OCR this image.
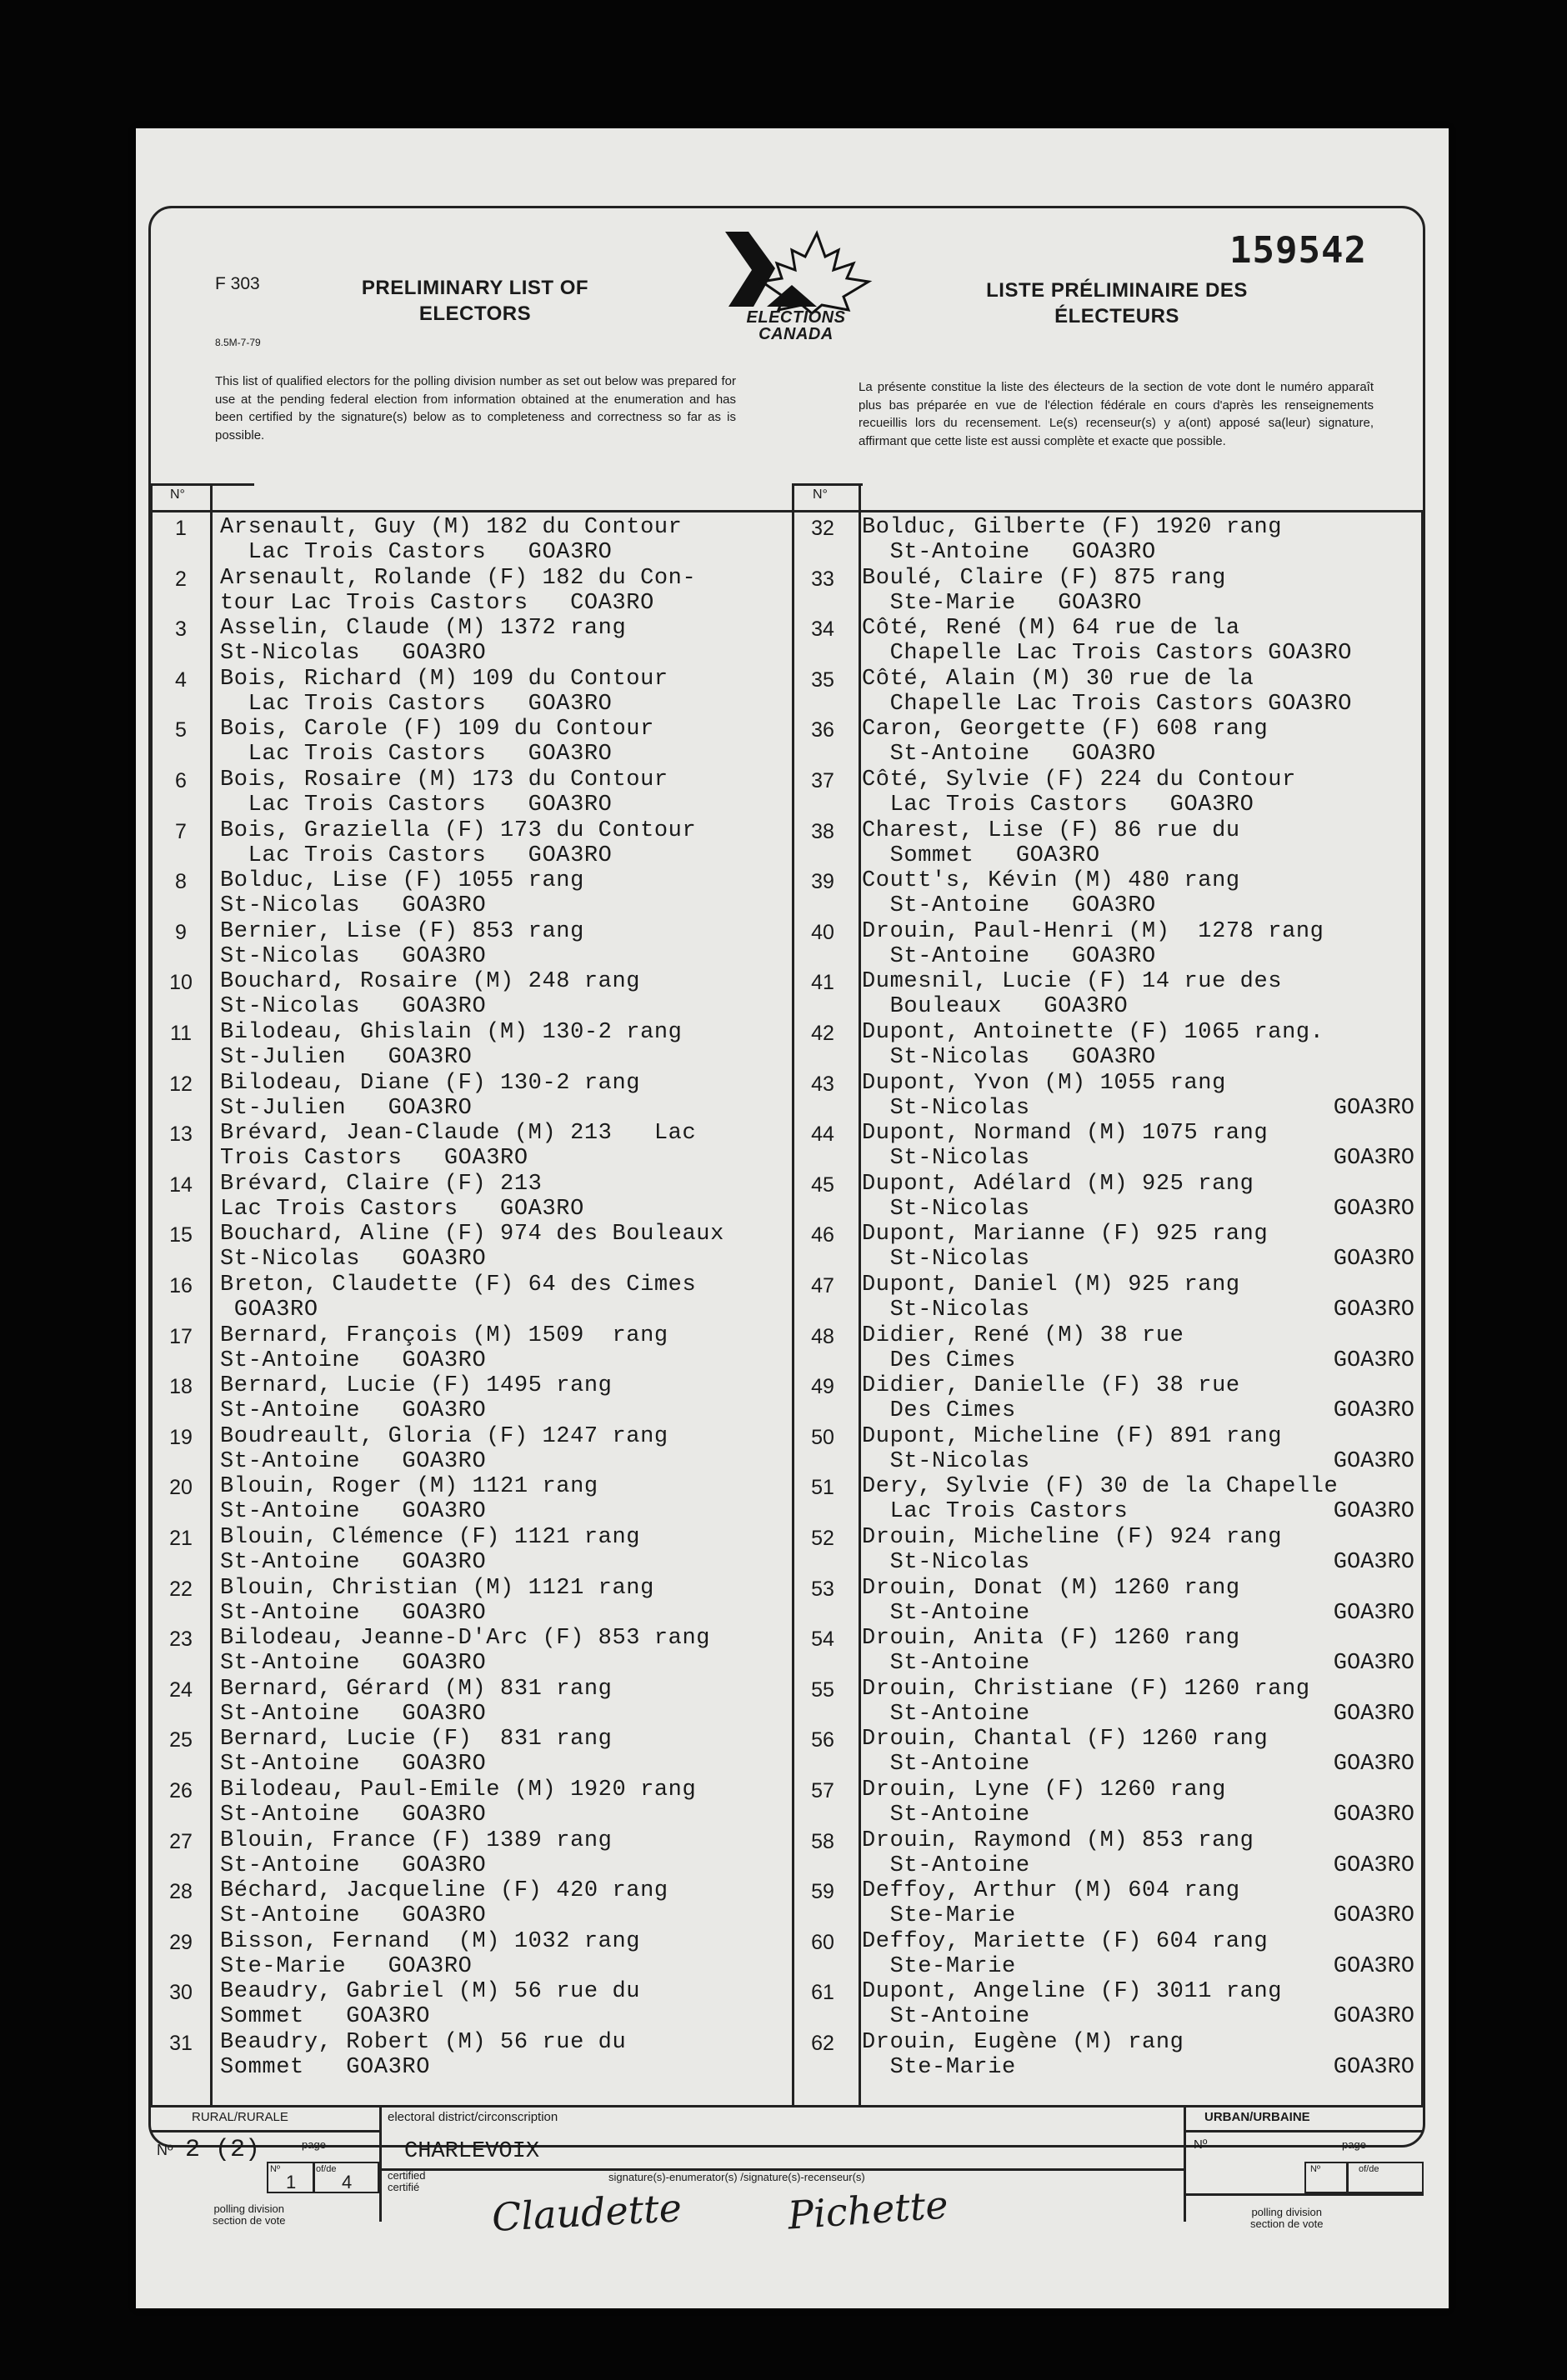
F 303
8.5M-7-79
PRELIMINARY LIST OF
ELECTORS
LISTE PRÉLIMINAIRE DES
ÉLECTEURS
159542
ELECTIONS
CANADA
This list of qualified electors for the polling division number as set out below was prepared for use at the pending federal election from information obtained at the enumeration and has been certified by the signature(s) below as to completeness and correctness so far as is possible.
La présente constitue la liste des électeurs de la section de vote dont le numéro apparaît plus bas préparée en vue de l'élection fédérale en cours d'après les renseignements recueillis lors du recensement. Le(s) recenseur(s) y a(ont) apposé sa(leur) signature, affirmant que cette liste est aussi complète et exacte que possible.
N°	N°
1	Arsenault, Guy (M) 182 du Contour
Lac Trois Castors   GOA3RO
2	Arsenault, Rolande (F) 182 du Con-
tour Lac Trois Castors   COA3RO
3	Asselin, Claude (M) 1372 rang
St-Nicolas   GOA3RO
4	Bois, Richard (M) 109 du Contour
Lac Trois Castors   GOA3RO
5	Bois, Carole (F) 109 du Contour
Lac Trois Castors   GOA3RO
6	Bois, Rosaire (M) 173 du Contour
Lac Trois Castors   GOA3RO
7	Bois, Graziella (F) 173 du Contour
Lac Trois Castors   GOA3RO
8	Bolduc, Lise (F) 1055 rang
St-Nicolas   GOA3RO
9	Bernier, Lise (F) 853 rang
St-Nicolas   GOA3RO
10	Bouchard, Rosaire (M) 248 rang
St-Nicolas   GOA3RO
11	Bilodeau, Ghislain (M) 130-2 rang
St-Julien   GOA3RO
12	Bilodeau, Diane (F) 130-2 rang
St-Julien   GOA3RO
13	Brévard, Jean-Claude (M) 213   Lac
Trois Castors   GOA3RO
14	Brévard, Claire (F) 213
Lac Trois Castors   GOA3RO
15	Bouchard, Aline (F) 974 des Bouleaux
St-Nicolas   GOA3RO
16	Breton, Claudette (F) 64 des Cimes
GOA3RO
17	Bernard, François (M) 1509  rang
St-Antoine   GOA3RO
18	Bernard, Lucie (F) 1495 rang
St-Antoine   GOA3RO
19	Boudreault, Gloria (F) 1247 rang
St-Antoine   GOA3RO
20	Blouin, Roger (M) 1121 rang
St-Antoine   GOA3RO
21	Blouin, Clémence (F) 1121 rang
St-Antoine   GOA3RO
22	Blouin, Christian (M) 1121 rang
St-Antoine   GOA3RO
23	Bilodeau, Jeanne-D'Arc (F) 853 rang
St-Antoine   GOA3RO
24	Bernard, Gérard (M) 831 rang
St-Antoine   GOA3RO
25	Bernard, Lucie (F)  831 rang
St-Antoine   GOA3RO
26	Bilodeau, Paul-Emile (M) 1920 rang
St-Antoine   GOA3RO
27	Blouin, France (F) 1389 rang
St-Antoine   GOA3RO
28	Béchard, Jacqueline (F) 420 rang
St-Antoine   GOA3RO
29	Bisson, Fernand  (M) 1032 rang
Ste-Marie   GOA3RO
30	Beaudry, Gabriel (M) 56 rue du
Sommet   GOA3RO
31	Beaudry, Robert (M) 56 rue du
Sommet   GOA3RO
32	Bolduc, Gilberte (F) 1920 rang
St-Antoine   GOA3RO
33	Boulé, Claire (F) 875 rang
Ste-Marie   GOA3RO
34	Côté, René (M) 64 rue de la
Chapelle Lac Trois Castors GOA3RO
35	Côté, Alain (M) 30 rue de la
Chapelle Lac Trois Castors GOA3RO
36	Caron, Georgette (F) 608 rang
St-Antoine   GOA3RO
37	Côté, Sylvie (F) 224 du Contour
Lac Trois Castors   GOA3RO
38	Charest, Lise (F) 86 rue du
Sommet   GOA3RO
39	Coutt's, Kévin (M) 480 rang
St-Antoine   GOA3RO
40	Drouin, Paul-Henri (M)  1278 rang
St-Antoine   GOA3RO
41	Dumesnil, Lucie (F) 14 rue des
Bouleaux   GOA3RO
42	Dupont, Antoinette (F) 1065 rang.
St-Nicolas   GOA3RO
43	Dupont, Yvon (M) 1055 rang
St-Nicolas	GOA3RO
44	Dupont, Normand (M) 1075 rang
St-Nicolas	GOA3RO
45	Dupont, Adélard (M) 925 rang
St-Nicolas	GOA3RO
46	Dupont, Marianne (F) 925 rang
St-Nicolas	GOA3RO
47	Dupont, Daniel (M) 925 rang
St-Nicolas	GOA3RO
48	Didier, René (M) 38 rue
Des Cimes	GOA3RO
49	Didier, Danielle (F) 38 rue
Des Cimes	GOA3RO
50	Dupont, Micheline (F) 891 rang
St-Nicolas	GOA3RO
51	Dery, Sylvie (F) 30 de la Chapelle
Lac Trois Castors	GOA3RO
52	Drouin, Micheline (F) 924 rang
St-Nicolas	GOA3RO
53	Drouin, Donat (M) 1260 rang
St-Antoine	GOA3RO
54	Drouin, Anita (F) 1260 rang
St-Antoine	GOA3RO
55	Drouin, Christiane (F) 1260 rang
St-Antoine	GOA3RO
56	Drouin, Chantal (F) 1260 rang
St-Antoine	GOA3RO
57	Drouin, Lyne (F) 1260 rang
St-Antoine	GOA3RO
58	Drouin, Raymond (M) 853 rang
St-Antoine	GOA3RO
59	Deffoy, Arthur (M) 604 rang
Ste-Marie	GOA3RO
60	Deffoy, Mariette (F) 604 rang
Ste-Marie	GOA3RO
61	Dupont, Angeline (F) 3011 rang
St-Antoine	GOA3RO
62	Drouin, Eugène (M) rang
Ste-Marie	GOA3RO
RURAL/RURALE	URBAN/URBAINE
electoral district/circonscription
Nº 2 (2)	page
Nº
1
of/de
4
polling division
section de vote
CHARLEVOIX
certified
certifié
signature(s)-enumerator(s) /signature(s)-recenseur(s)
Claudette	Pichette
Nº	page
Nº	of/de
polling division
section de vote
